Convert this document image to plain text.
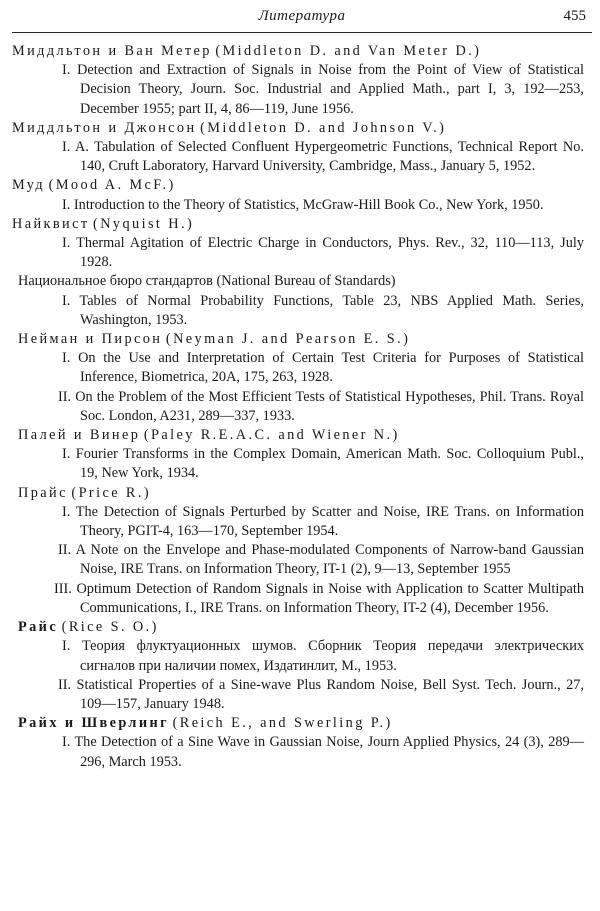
Литература	455

Миддльтон и Ван Метер (Middleton D. and Van Meter D.)

I. Detection and Extraction of Signals in Noise from the Point of View of Statistical Decision Theory, Journ. Soc. Industrial and Applied Math., part I, 3, 192—253, December 1955; part II, 4, 86—119, June 1956.

Миддльтон и Джонсон (Middleton D. and Johnson V.)

I. A. Tabulation of Selected Confluent Hypergeometric Functions, Technical Report No. 140, Cruft Laboratory, Harvard University, Cambridge, Mass., January 5, 1952.

Муд (Mood A. McF.)

I. Introduction to the Theory of Statistics, McGraw-Hill Book Co., New York, 1950.

Найквист (Nyquist H.)

I. Thermal Agitation of Electric Charge in Conductors, Phys. Rev., 32, 110—113, July 1928.

Национальное бюро стандартов (National Bureau of Standards)

I. Tables of Normal Probability Functions, Table 23, NBS Applied Math. Series, Washington, 1953.

Нейман и Пирсон (Neyman J. and Pearson E. S.)

I. On the Use and Interpretation of Certain Test Criteria for Purposes of Statistical Inference, Biometrica, 20A, 175, 263, 1928.

II. On the Problem of the Most Efficient Tests of Statistical Hypotheses, Phil. Trans. Royal Soc. London, A231, 289—337, 1933.

Палей и Винер (Paley R.E.A.C. and Wiener N.)

I. Fourier Transforms in the Complex Domain, American Math. Soc. Colloquium Publ., 19, New York, 1934.

Прайс (Price R.)

I. The Detection of Signals Perturbed by Scatter and Noise, IRE Trans. on Information Theory, PGIT-4, 163—170, September 1954.

II. A Note on the Envelope and Phase-modulated Components of Narrow-band Gaussian Noise, IRE Trans. on Information Theory, IT-1 (2), 9—13, September 1955

III. Optimum Detection of Random Signals in Noise with Application to Scatter Multipath Communications, I., IRE Trans. on Information Theory, IT-2 (4), December 1956.

Райс (Rice S. O.)

I. Теория флуктуационных шумов. Сборник Теория передачи электрических сигналов при наличии помех, Издатинлит, М., 1953.

II. Statistical Properties of a Sine-wave Plus Random Noise, Bell Syst. Tech. Journ., 27, 109—157, January 1948.

Райх и Шверлинг (Reich E., and Swerling P.)

I. The Detection of a Sine Wave in Gaussian Noise, Journ Applied Physics, 24 (3), 289—296, March 1953.
